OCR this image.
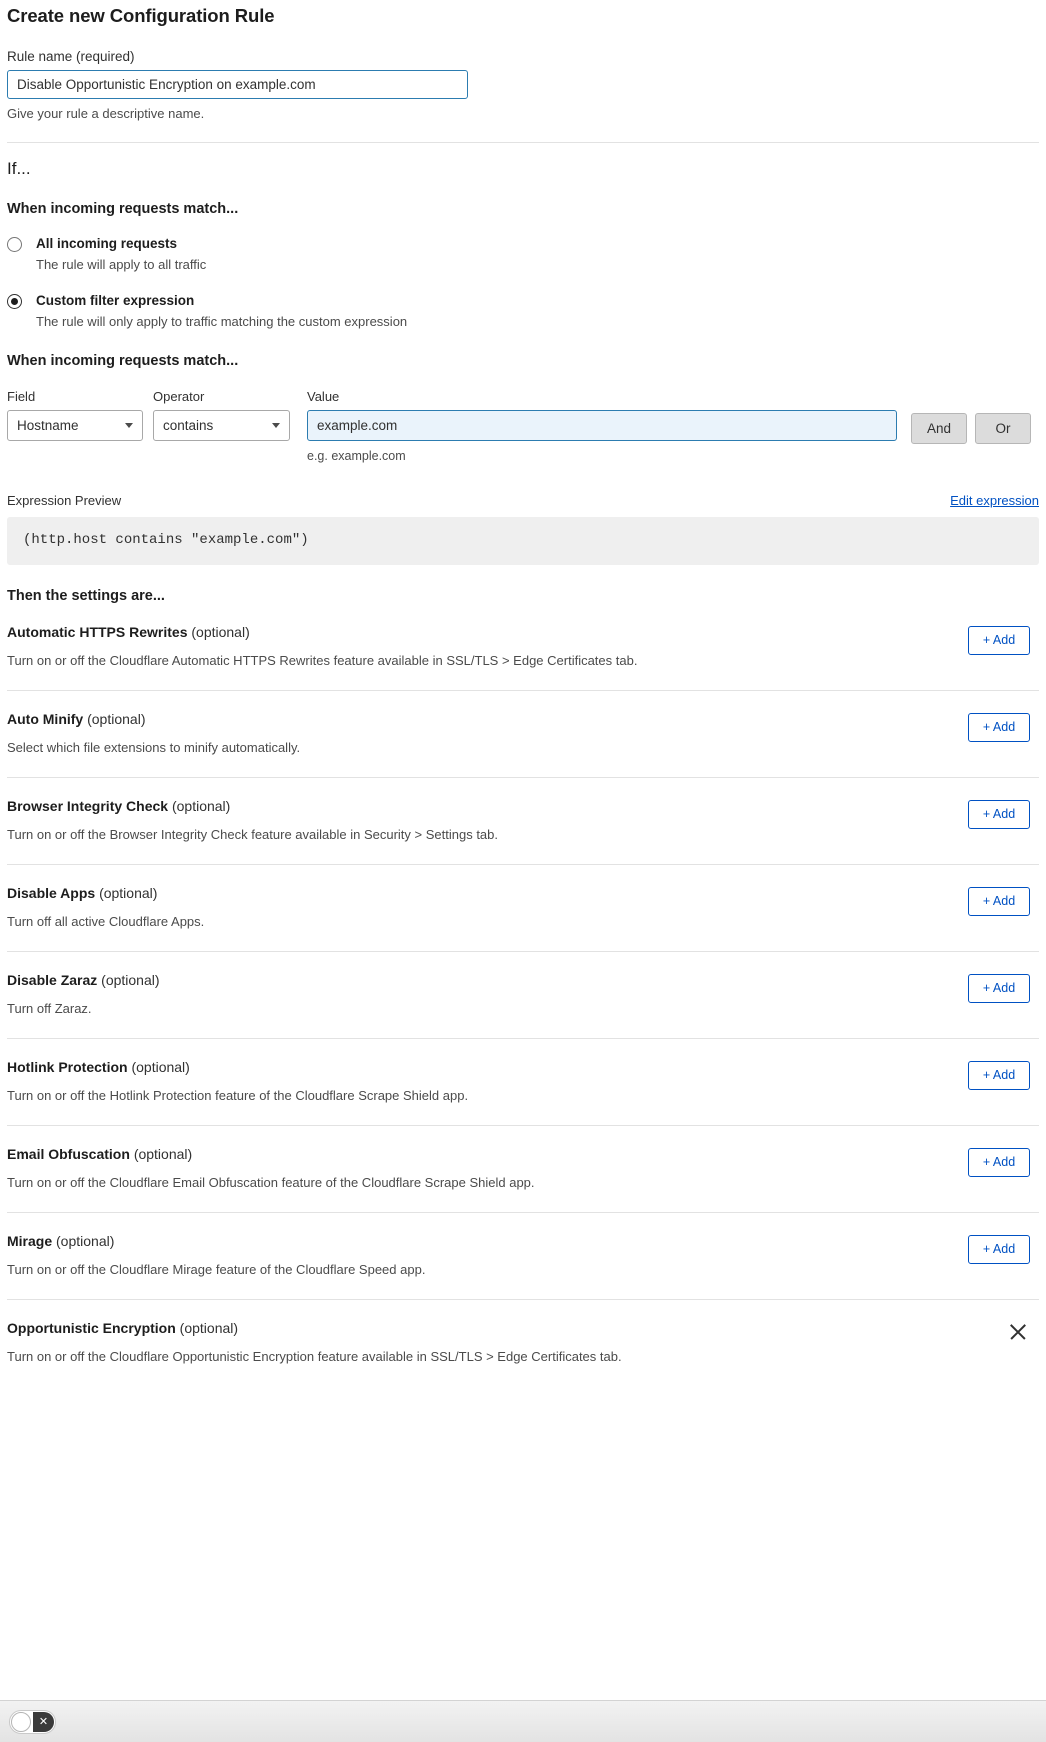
Create new Configuration Rule
Rule name (required)
Disable Opportunistic Encryption on example.com
Give your rule a descriptive name.
If...
When incoming requests match...
All incoming requests
The rule will apply to all traffic
Custom filter expression
The rule will only apply to traffic matching the custom expression
When incoming requests match...
Field
Hostname
Operator
contains
Value
example.com
e.g. example.com
And	Or
Expression Preview	Edit expression
(http.host contains "example.com")
Then the settings are...

Automatic HTTPS Rewrites (optional)

Turn on or off the Cloudflare Automatic HTTPS Rewrites feature available in SSL/TLS > Edge Certificates tab.
+ Add

Auto Minify (optional)

Select which file extensions to minify automatically.
+ Add

Browser Integrity Check (optional)

Turn on or off the Browser Integrity Check feature available in Security > Settings tab.
+ Add

Disable Apps (optional)

Turn off all active Cloudflare Apps.
+ Add

Disable Zaraz (optional)

Turn off Zaraz.
+ Add

Hotlink Protection (optional)

Turn on or off the Hotlink Protection feature of the Cloudflare Scrape Shield app.
+ Add

Email Obfuscation (optional)

Turn on or off the Cloudflare Email Obfuscation feature of the Cloudflare Scrape Shield app.
+ Add

Mirage (optional)

Turn on or off the Cloudflare Mirage feature of the Cloudflare Speed app.
+ Add

Opportunistic Encryption (optional)

Turn on or off the Cloudflare Opportunistic Encryption feature available in SSL/TLS > Edge Certificates tab.
✕
